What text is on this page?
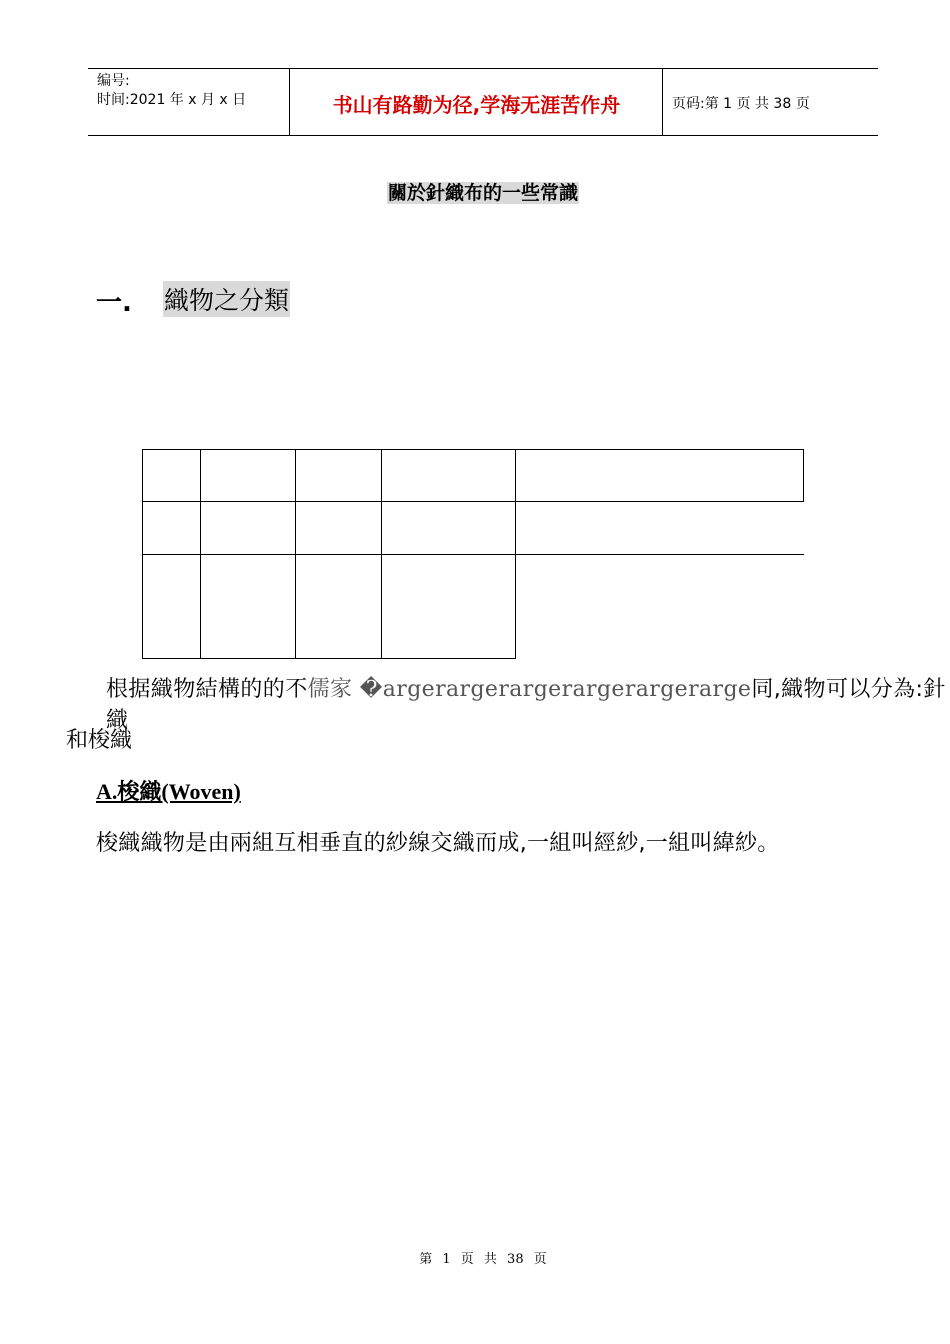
编号:
时间:2021 年 x 月 x 日	书山有路勤为径,学海无涯苦作舟	页码:第 1 页 共 38 页
關於針織布的一些常識
一. 織物之分類
根据織物結構的的不儒家 �argerargerargerargerargerarge同,織物可以分為:針織
和梭織
A.梭織(Woven)
梭織織物是由兩組互相垂直的紗線交織而成,一組叫經紗,一組叫緯紗。
第 1 页 共 38 页
